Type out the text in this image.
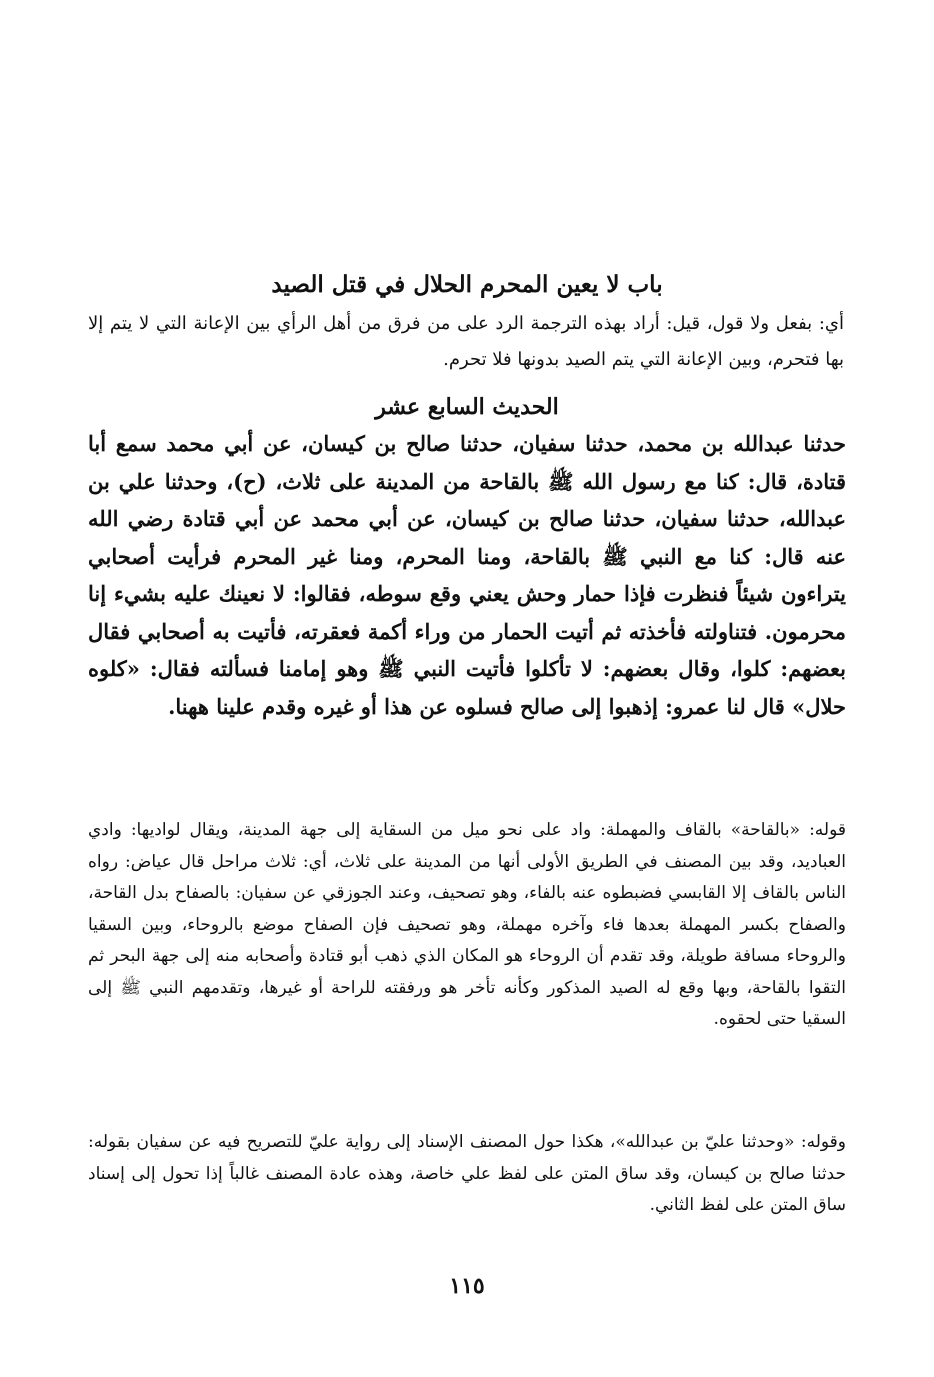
باب لا يعين المحرم الحلال في قتل الصيد
أي: بفعل ولا قول، قيل: أراد بهذه الترجمة الرد على من فرق من أهل الرأي بين الإعانة التي لا يتم إلا بها فتحرم، وبين الإعانة التي يتم الصيد بدونها فلا تحرم.
الحديث السابع عشر
حدثنا عبدالله بن محمد، حدثنا سفيان، حدثنا صالح بن كيسان، عن أبي محمد سمع أبا قتادة، قال: كنا مع رسول الله ﷺ بالقاحة من المدينة على ثلاث، (ح)، وحدثنا علي بن عبدالله، حدثنا سفيان، حدثنا صالح بن كيسان، عن أبي محمد عن أبي قتادة رضي الله عنه قال: كنا مع النبي ﷺ بالقاحة، ومنا المحرم، ومنا غير المحرم فرأيت أصحابي يتراءون شيئاً فنظرت فإذا حمار وحش يعني وقع سوطه، فقالوا: لا نعينك عليه بشيء إنا محرمون. فتناولته فأخذته ثم أتيت الحمار من وراء أكمة فعقرته، فأتيت به أصحابي فقال بعضهم: كلوا، وقال بعضهم: لا تأكلوا فأتيت النبي ﷺ وهو إمامنا فسألته فقال: «كلوه حلال» قال لنا عمرو: إذهبوا إلى صالح فسلوه عن هذا أو غيره وقدم علينا ههنا.
قوله: «بالقاحة» بالقاف والمهملة: واد على نحو ميل من السقاية إلى جهة المدينة، ويقال لواديها: وادي العباديد، وقد بين المصنف في الطريق الأولى أنها من المدينة على ثلاث، أي: ثلاث مراحل قال عياض: رواه الناس بالقاف إلا القابسي فضبطوه عنه بالفاء، وهو تصحيف، وعند الجوزقي عن سفيان: بالصفاح بدل القاحة، والصفاح بكسر المهملة بعدها فاء وآخره مهملة، وهو تصحيف فإن الصفاح موضع بالروحاء، وبين السقيا والروحاء مسافة طويلة، وقد تقدم أن الروحاء هو المكان الذي ذهب أبو قتادة وأصحابه منه إلى جهة البحر ثم التقوا بالقاحة، وبها وقع له الصيد المذكور وكأنه تأخر هو ورفقته للراحة أو غيرها، وتقدمهم النبي ﷺ إلى السقيا حتى لحقوه.
وقوله: «وحدثنا عليّ بن عبدالله»، هكذا حول المصنف الإسناد إلى رواية عليّ للتصريح فيه عن سفيان بقوله: حدثنا صالح بن كيسان، وقد ساق المتن على لفظ علي خاصة، وهذه عادة المصنف غالباً إذا تحول إلى إسناد ساق المتن على لفظ الثاني.
١١٥
